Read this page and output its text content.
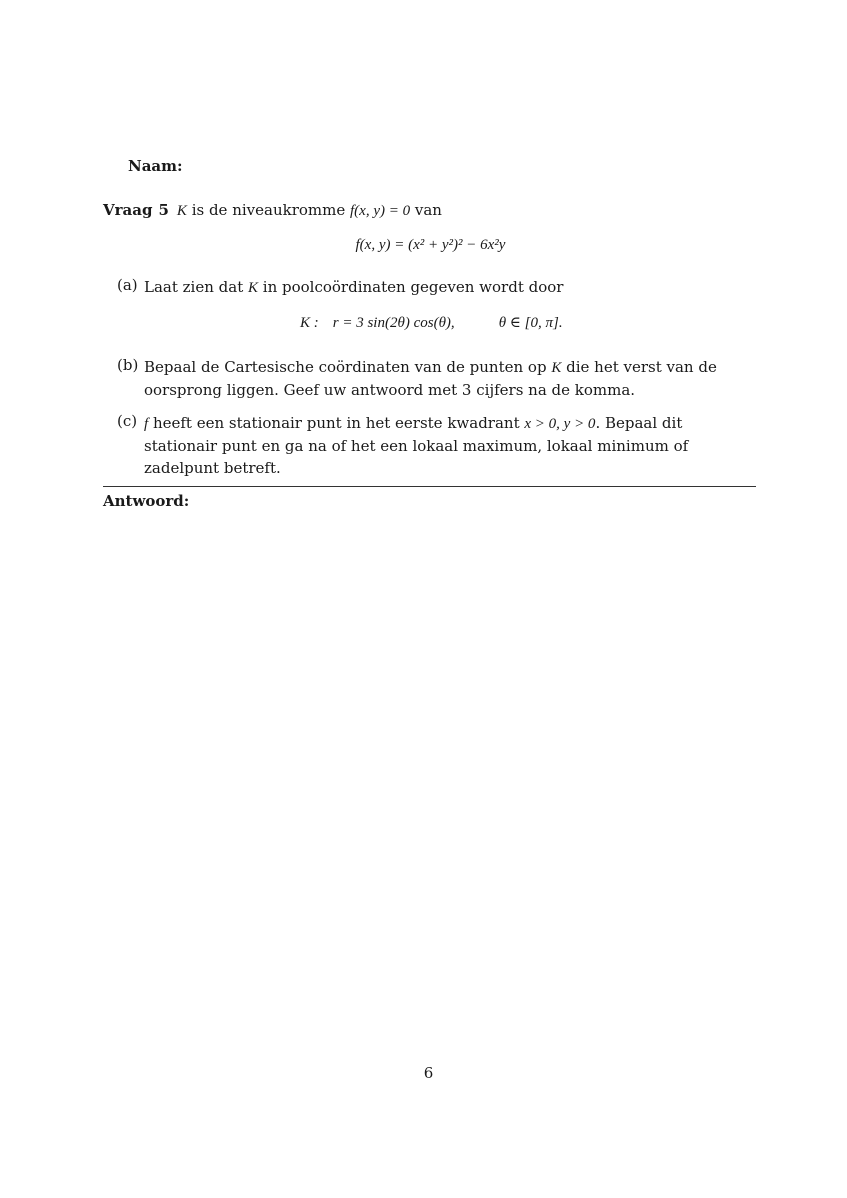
Naam:
Vraag 5 K is de niveaukromme f(x, y) = 0 van
f(x, y) = (x² + y²)² − 6x²y
(a) Laat zien dat K in poolcoördinaten gegeven wordt door
K : r = 3 sin(2θ) cos(θ),	θ ∈ [0, π].
(b) Bepaal de Cartesische coördinaten van de punten op K die het verst van de oorsprong liggen. Geef uw antwoord met 3 cijfers na de komma.
(c) f heeft een stationair punt in het eerste kwadrant x > 0, y > 0. Bepaal dit stationair punt en ga na of het een lokaal maximum, lokaal minimum of zadelpunt betreft.
Antwoord:
6
